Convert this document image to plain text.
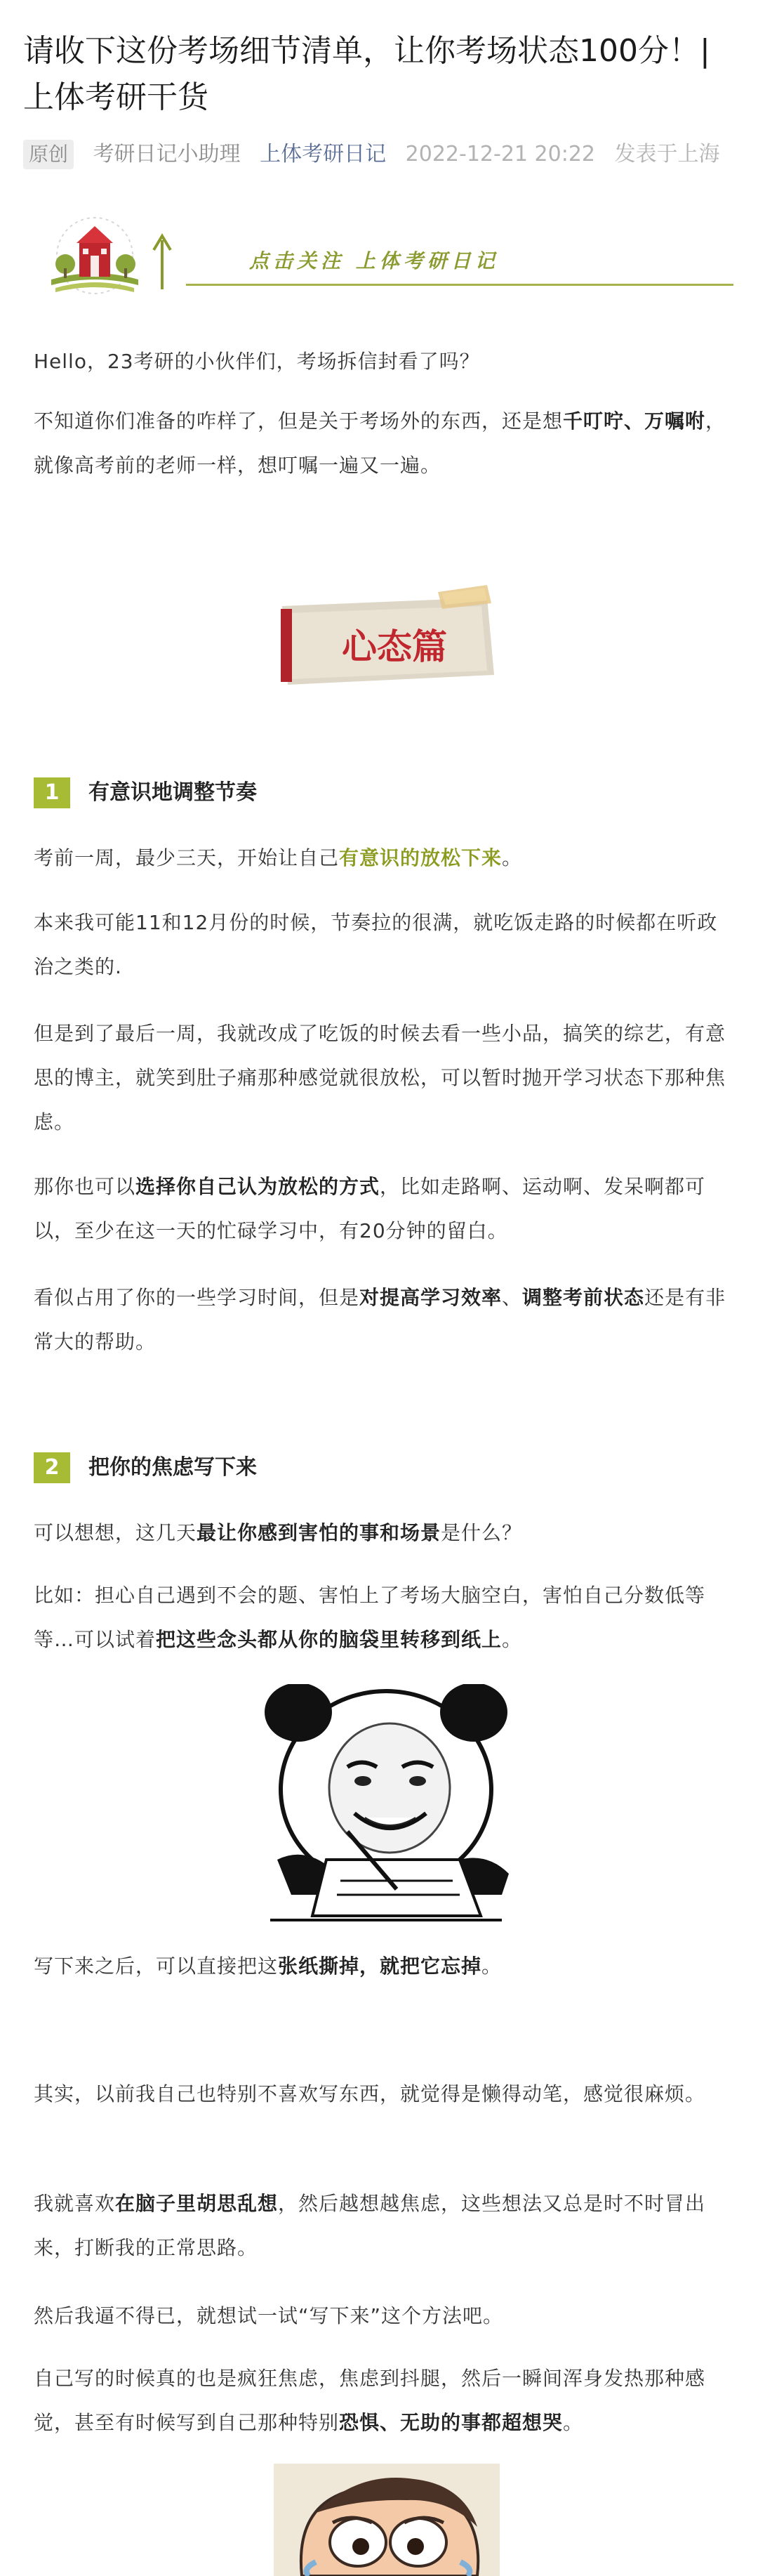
请收下这份考场细节清单，让你考场状态100分！| 上体考研干货
原创 考研日记小助理 上体考研日记 2022-12-21 20:22 发表于上海
点击关注 上体考研日记

Hello，23考研的小伙伴们，考场拆信封看了吗？

不知道你们准备的咋样了，但是关于考场外的东西，还是想千叮咛、万嘱咐，就像高考前的老师一样，想叮嘱一遍又一遍。

心态篇
1	有意识地调整节奏

考前一周，最少三天，开始让自己有意识的放松下来。

本来我可能11和12月份的时候，节奏拉的很满，就吃饭走路的时候都在听政治之类的.

但是到了最后一周，我就改成了吃饭的时候去看一些小品，搞笑的综艺，有意思的博主，就笑到肚子痛那种感觉就很放松，可以暂时抛开学习状态下那种焦虑。

那你也可以选择你自己认为放松的方式，比如走路啊、运动啊、发呆啊都可以，至少在这一天的忙碌学习中，有20分钟的留白。

看似占用了你的一些学习时间，但是对提高学习效率、调整考前状态还是有非常大的帮助。

2	把你的焦虑写下来

可以想想，这几天最让你感到害怕的事和场景是什么？

比如：担心自己遇到不会的题、害怕上了考场大脑空白，害怕自己分数低等等…可以试着把这些念头都从你的脑袋里转移到纸上。

写下来之后，可以直接把这张纸撕掉，就把它忘掉。

其实，以前我自己也特别不喜欢写东西，就觉得是懒得动笔，感觉很麻烦。

我就喜欢在脑子里胡思乱想，然后越想越焦虑，这些想法又总是时不时冒出来，打断我的正常思路。

然后我逼不得已，就想试一试“写下来”这个方法吧。

自己写的时候真的也是疯狂焦虑，焦虑到抖腿，然后一瞬间浑身发热那种感觉，甚至有时候写到自己那种特别恐惧、无助的事都超想哭。
